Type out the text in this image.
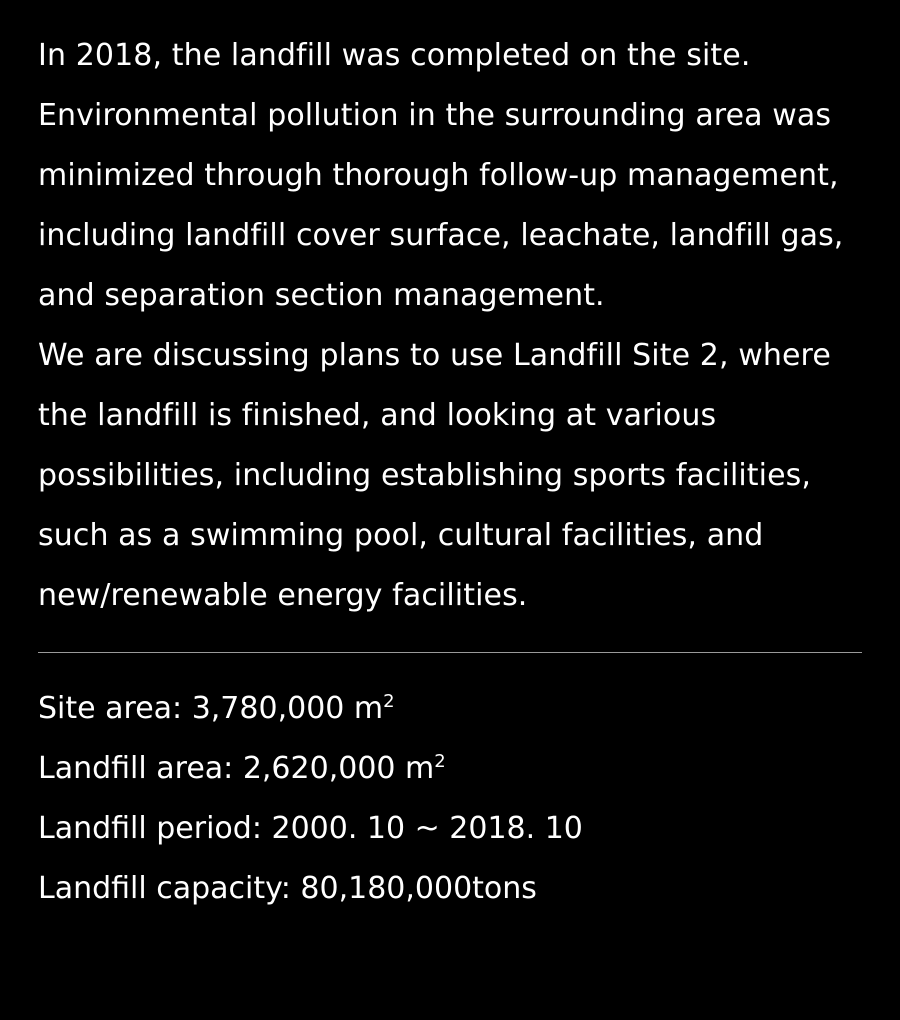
In 2018, the landfill was completed on the site. Environmental pollution in the surrounding area was minimized through thorough follow-up management, including landfill cover surface, leachate, landfill gas, and separation section management.

We are discussing plans to use Landfill Site 2, where the landfill is finished, and looking at various possibilities, including establishing sports facilities, such as a swimming pool, cultural facilities, and new/renewable energy facilities.

Site area: 3,780,000 $m^2$
Landfill area: 2,620,000 $m^2$
Landfill period: 2000. 10 ~ 2018. 10
Landfill capacity: 80,180,000tons
